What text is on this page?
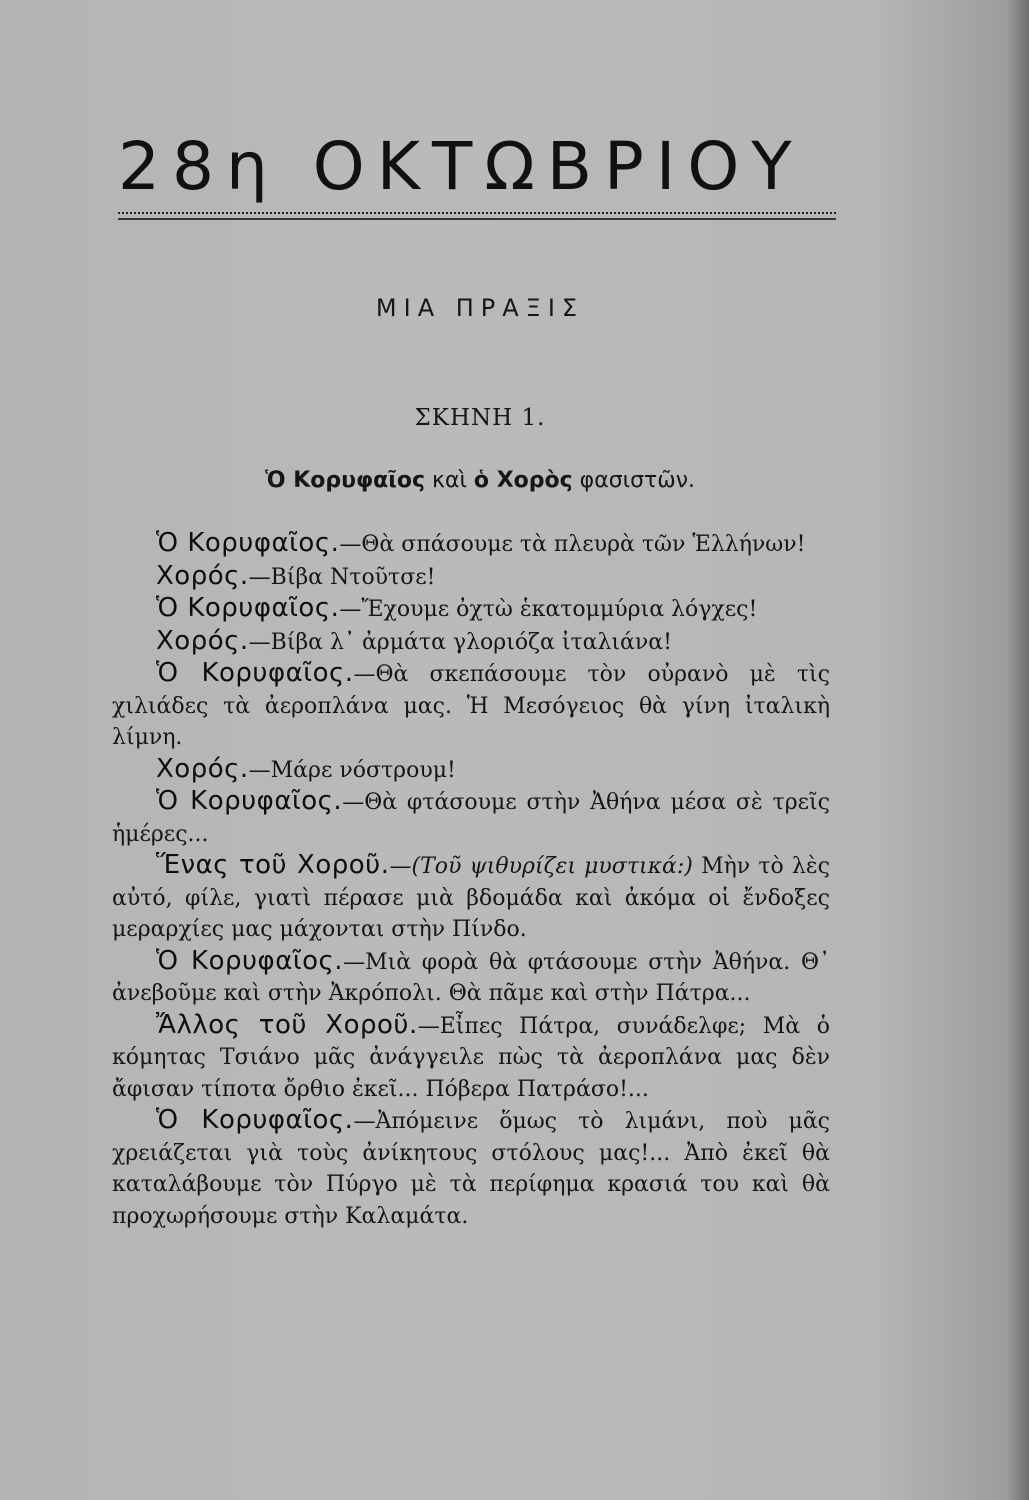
28η ΟΚΤΩΒΡΙΟΥ
ΜΙΑ ΠΡΑΞΙΣ
ΣΚΗΝΗ 1.
Ὁ Κορυφαῖος καὶ ὁ Χορὸς φασιστῶν.

Ὁ Κορυφαῖος.—Θὰ σπάσουμε τὰ πλευρὰ τῶν Ἑλλήνων!

Χορός.—Βίβα Ντοῦτσε!

Ὁ Κορυφαῖος.—Ἔχουμε ὀχτὼ ἑκατομμύρια λόγχες!

Χορός.—Βίβα λ᾽ ἀρμάτα γλοριόζα ἰταλιάνα!

Ὁ Κορυφαῖος.—Θὰ σκεπάσουμε τὸν οὐρανὸ μὲ τὶς χιλιάδες τὰ ἀεροπλάνα μας. Ἡ Μεσόγειος θὰ γίνη ἰταλικὴ λίμνη.

Χορός.—Μάρε νόστρουμ!

Ὁ Κορυφαῖος.—Θὰ φτάσουμε στὴν Ἀθήνα μέσα σὲ τρεῖς ἡμέρες...

Ἕνας τοῦ Χοροῦ.—(Τοῦ ψιθυρίζει μυστικά:) Μὴν τὸ λὲς αὐτό, φίλε, γιατὶ πέρασε μιὰ βδομάδα καὶ ἀκόμα οἱ ἔνδοξες μεραρχίες μας μάχονται στὴν Πίνδο.

Ὁ Κορυφαῖος.—Μιὰ φορὰ θὰ φτάσουμε στὴν Ἀθήνα. Θ᾽ ἀνεβοῦμε καὶ στὴν Ἀκρόπολι. Θὰ πᾶμε καὶ στὴν Πάτρα...

Ἄλλος τοῦ Χοροῦ.—Εἶπες Πάτρα, συνάδελφε; Μὰ ὁ κόμητας Τσιάνο μᾶς ἀνάγγειλε πὼς τὰ ἀεροπλάνα μας δὲν ἄφισαν τίποτα ὄρθιο ἐκεῖ... Πόβερα Πατράσο!...

Ὁ Κορυφαῖος.—Ἀπόμεινε ὅμως τὸ λιμάνι, ποὺ μᾶς χρειάζεται γιὰ τοὺς ἀνίκητους στόλους μας!... Ἀπὸ ἐκεῖ θὰ καταλάβουμε τὸν Πύργο μὲ τὰ περίφημα κρασιά του καὶ θὰ προχωρήσουμε στὴν Καλαμάτα.
